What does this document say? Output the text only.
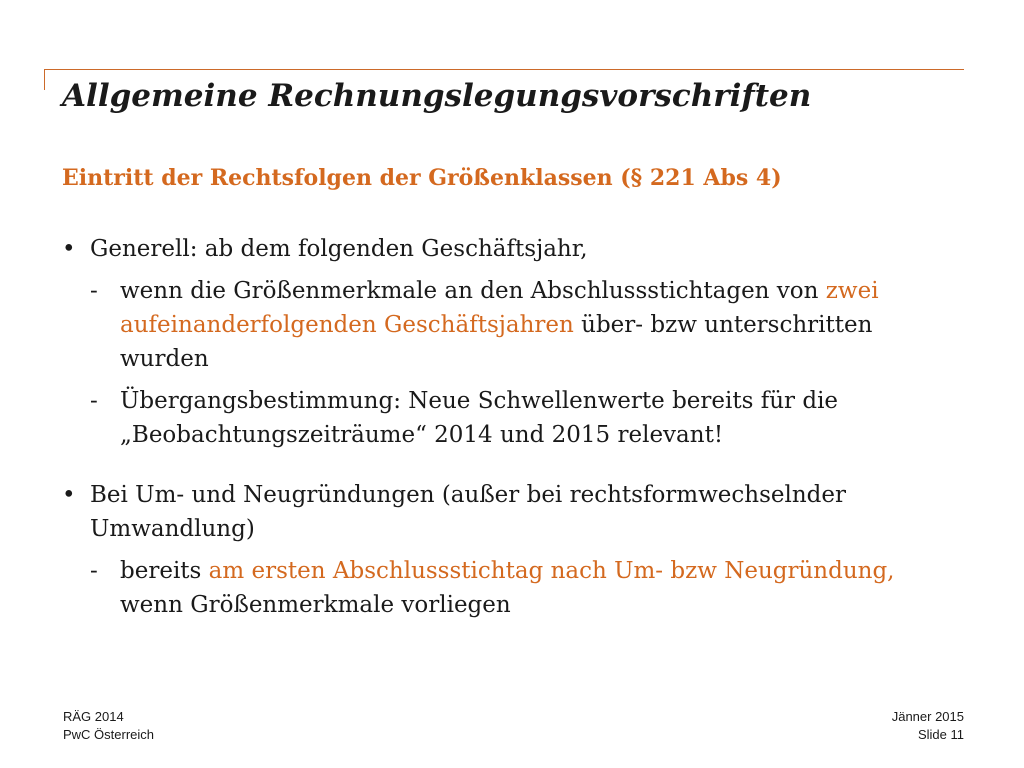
Allgemeine Rechnungslegungsvorschriften
Eintritt der Rechtsfolgen der Größenklassen (§ 221 Abs 4)

• Generell: ab dem folgenden Geschäftsjahr,

- wenn die Größenmerkmale an den Abschlussstichtagen von zwei aufeinanderfolgenden Geschäftsjahren über- bzw unterschritten wurden
- Übergangsbestimmung: Neue Schwellenwerte bereits für die „Beobachtungszeiträume“ 2014 und 2015 relevant!

• Bei Um- und Neugründungen (außer bei rechtsformwechselnder Umwandlung)

- bereits am ersten Abschlussstichtag nach Um- bzw Neugründung, wenn Größenmerkmale vorliegen
RÄG 2014
PwC Österreich
Jänner 2015
Slide 11
